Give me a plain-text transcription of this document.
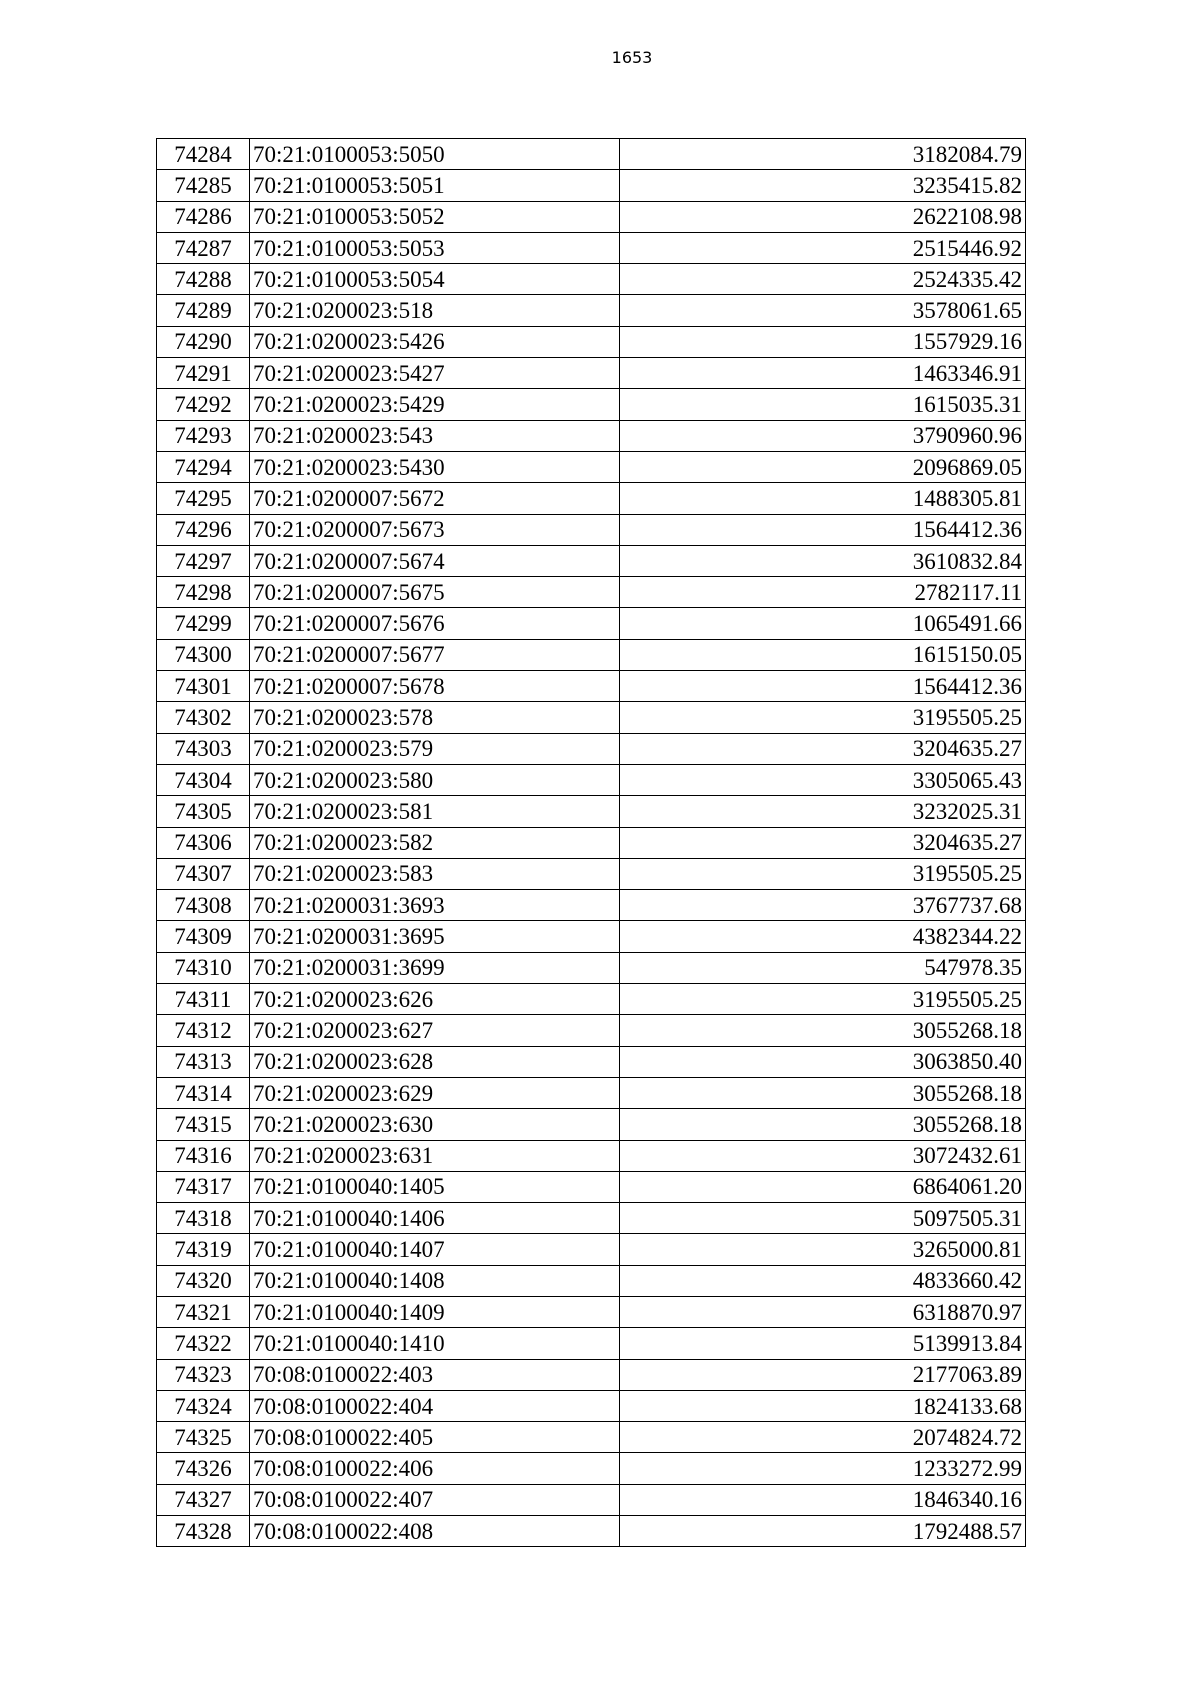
1653
74284	70:21:0100053:5050	3182084.79
74285	70:21:0100053:5051	3235415.82
74286	70:21:0100053:5052	2622108.98
74287	70:21:0100053:5053	2515446.92
74288	70:21:0100053:5054	2524335.42
74289	70:21:0200023:518	3578061.65
74290	70:21:0200023:5426	1557929.16
74291	70:21:0200023:5427	1463346.91
74292	70:21:0200023:5429	1615035.31
74293	70:21:0200023:543	3790960.96
74294	70:21:0200023:5430	2096869.05
74295	70:21:0200007:5672	1488305.81
74296	70:21:0200007:5673	1564412.36
74297	70:21:0200007:5674	3610832.84
74298	70:21:0200007:5675	2782117.11
74299	70:21:0200007:5676	1065491.66
74300	70:21:0200007:5677	1615150.05
74301	70:21:0200007:5678	1564412.36
74302	70:21:0200023:578	3195505.25
74303	70:21:0200023:579	3204635.27
74304	70:21:0200023:580	3305065.43
74305	70:21:0200023:581	3232025.31
74306	70:21:0200023:582	3204635.27
74307	70:21:0200023:583	3195505.25
74308	70:21:0200031:3693	3767737.68
74309	70:21:0200031:3695	4382344.22
74310	70:21:0200031:3699	547978.35
74311	70:21:0200023:626	3195505.25
74312	70:21:0200023:627	3055268.18
74313	70:21:0200023:628	3063850.40
74314	70:21:0200023:629	3055268.18
74315	70:21:0200023:630	3055268.18
74316	70:21:0200023:631	3072432.61
74317	70:21:0100040:1405	6864061.20
74318	70:21:0100040:1406	5097505.31
74319	70:21:0100040:1407	3265000.81
74320	70:21:0100040:1408	4833660.42
74321	70:21:0100040:1409	6318870.97
74322	70:21:0100040:1410	5139913.84
74323	70:08:0100022:403	2177063.89
74324	70:08:0100022:404	1824133.68
74325	70:08:0100022:405	2074824.72
74326	70:08:0100022:406	1233272.99
74327	70:08:0100022:407	1846340.16
74328	70:08:0100022:408	1792488.57
